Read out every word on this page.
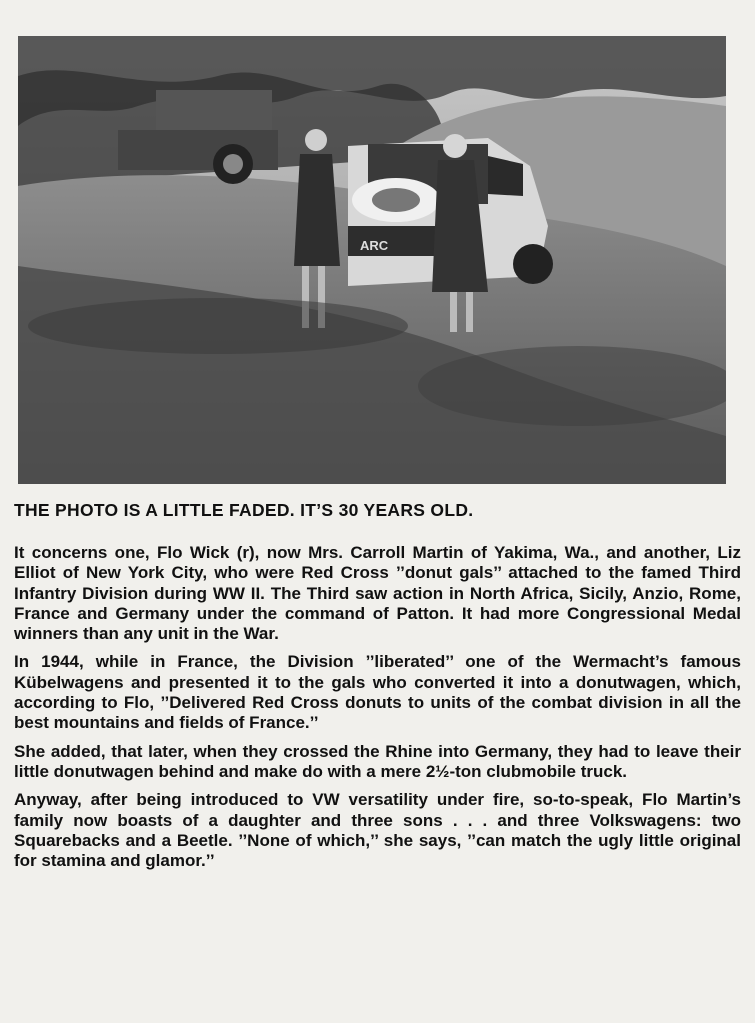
ARC
THE PHOTO IS A LITTLE FADED. IT’S 30 YEARS OLD.

It concerns one, Flo Wick (r), now Mrs. Carroll Martin of Yakima, Wa., and another, Liz Elliot of New York City, who were Red Cross ’’donut gals’’ attached to the famed Third Infantry Division during WW II. The Third saw action in North Africa, Sicily, Anzio, Rome, France and Germany under the command of Patton. It had more Congressional Medal winners than any unit in the War.

In 1944, while in France, the Division ’’liberated’’ one of the Wermacht’s famous Kübelwagens and presented it to the gals who converted it into a donutwagen, which, according to Flo, ’’Delivered Red Cross donuts to units of the combat division in all the best mountains and fields of France.’’

She added, that later, when they crossed the Rhine into Germany, they had to leave their little donutwagen behind and make do with a mere 2½-ton clubmobile truck.

Anyway, after being introduced to VW versatility under fire, so-to-speak, Flo Martin’s family now boasts of a daughter and three sons . . . and three Volkswagens: two Squarebacks and a Beetle. ’’None of which,’’ she says, ’’can match the ugly little original for stamina and glamor.’’
